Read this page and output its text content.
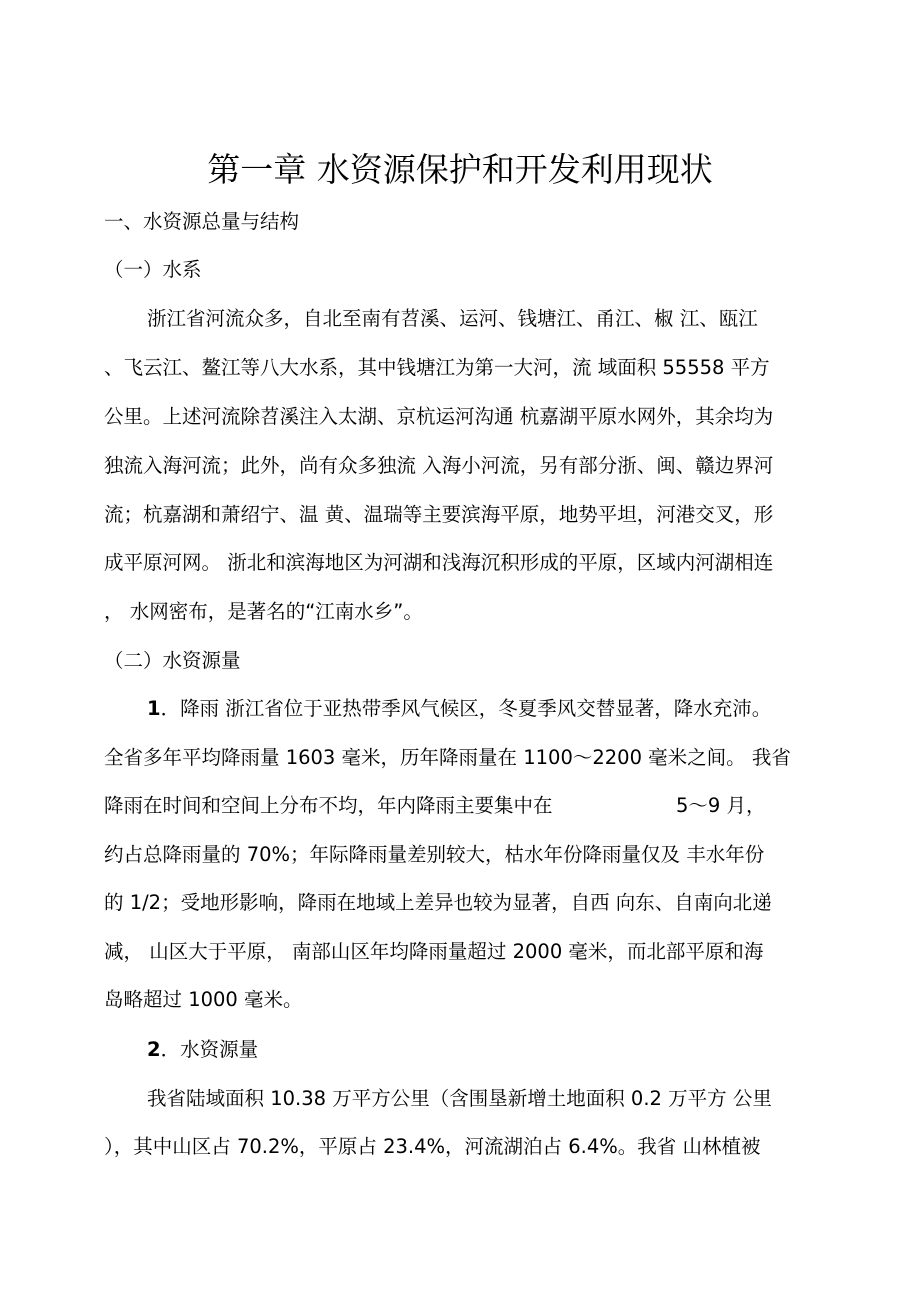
第一章 水资源保护和开发利用现状
一、水资源总量与结构
（一）水系
浙江省河流众多，自北至南有苕溪、运河、钱塘江、甬江、椒 江、瓯江
、飞云江、鳌江等八大水系，其中钱塘江为第一大河，流 域面积 55558 平方
公里。上述河流除苕溪注入太湖、京杭运河沟通 杭嘉湖平原水网外，其余均为
独流入海河流；此外，尚有众多独流 入海小河流，另有部分浙、闽、赣边界河
流；杭嘉湖和萧绍宁、温 黄、温瑞等主要滨海平原，地势平坦，河港交叉，形
成平原河网。 浙北和滨海地区为河湖和浅海沉积形成的平原，区域内河湖相连
， 水网密布，是著名的“江南水乡”。
（二）水资源量
1．降雨 浙江省位于亚热带季风气候区，冬夏季风交替显著，降水充沛。
全省多年平均降雨量 1603 毫米，历年降雨量在 1100～2200 毫米之间。 我省
降雨在时间和空间上分布不均，年内降雨主要集中在	5～9 月，
约占总降雨量的 70%；年际降雨量差别较大，枯水年份降雨量仅及 丰水年份
的 1/2；受地形影响，降雨在地域上差异也较为显著，自西 向东、自南向北递
减， 山区大于平原， 南部山区年均降雨量超过 2000 毫米，而北部平原和海
岛略超过 1000 毫米。
2．水资源量
我省陆域面积 10.38 万平方公里（含围垦新增土地面积 0.2 万平方 公里
），其中山区占 70.2%，平原占 23.4%，河流湖泊占 6.4%。我省 山林植被
